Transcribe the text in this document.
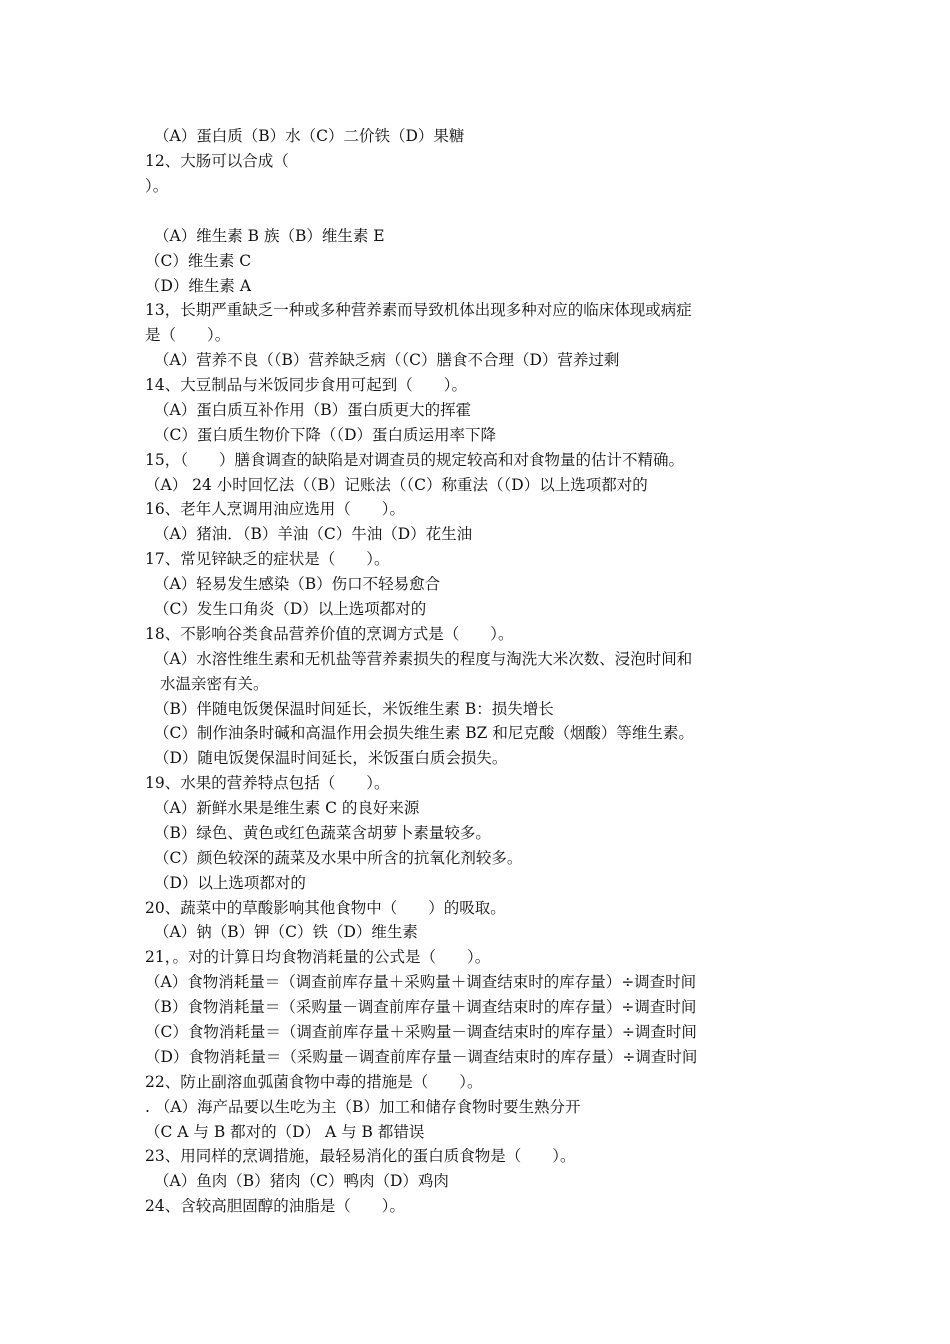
（A）蛋白质（B）水（C）二价铁（D）果糖
12、大肠可以合成（
）。
（A）维生素 B 族（B）维生素 E
（C）维生素 C
（D）维生素 A
13，长期严重缺乏一种或多种营养素而导致机体出现多种对应的临床体现或病症
是（　　）。
（A）营养不良（（B）营养缺乏病（（C）膳食不合理（D）营养过剩
14、大豆制品与米饭同步食用可起到（　　）。
（A）蛋白质互补作用（B）蛋白质更大的挥霍
（C）蛋白质生物价下降（（D）蛋白质运用率下降
15，（　　）膳食调查的缺陷是对调查员的规定较高和对食物量的估计不精确。
（A） 24 小时回忆法（（B）记账法（（C）称重法（（D）以上选项都对的
16、老年人烹调用油应选用（　　）。
（A）猪油．（B）羊油（C）牛油（D）花生油
17、常见锌缺乏的症状是（　　）。
（A）轻易发生感染（B）伤口不轻易愈合
（C）发生口角炎（D）以上选项都对的
18、不影响谷类食品营养价值的烹调方式是（　　）。
（A）水溶性维生素和无机盐等营养素损失的程度与淘洗大米次数、浸泡时间和
水温亲密有关。
（B）伴随电饭煲保温时间延长，米饭维生素 B：损失增长
（C）制作油条时碱和高温作用会损失维生素 BZ 和尼克酸（烟酸）等维生素。
（D）随电饭煲保温时间延长，米饭蛋白质会损失。
19、水果的营养特点包括（　　）。
（A）新鲜水果是维生素 C 的良好来源
（B）绿色、黄色或红色蔬菜含胡萝卜素量较多。
（C）颜色较深的蔬菜及水果中所含的抗氧化剂较多。
（D）以上选项都对的
20、蔬菜中的草酸影响其他食物中（　　）的吸取。
（A）钠（B）钾（C）铁（D）维生素
21，。对的计算日均食物消耗量的公式是（　　）。
（A）食物消耗量＝（调查前库存量＋采购量＋调查结束时的库存量）÷调查时间
（B）食物消耗量＝（采购量－调查前库存量＋调查结束时的库存量）÷调查时间
（C）食物消耗量＝（调查前库存量＋采购量－调查结束时的库存量）÷调查时间
（D）食物消耗量＝（采购量－调查前库存量－调查结束时的库存量）÷调查时间
22、防止副溶血弧菌食物中毒的措施是（　　）。
. （A）海产品要以生吃为主（B）加工和储存食物时要生熟分开
（C A 与 B 都对的（D） A 与 B 都错误
23、用同样的烹调措施，最轻易消化的蛋白质食物是（　　）。
（A）鱼肉（B）猪肉（C）鸭肉（D）鸡肉
24、含较高胆固醇的油脂是（　　）。
